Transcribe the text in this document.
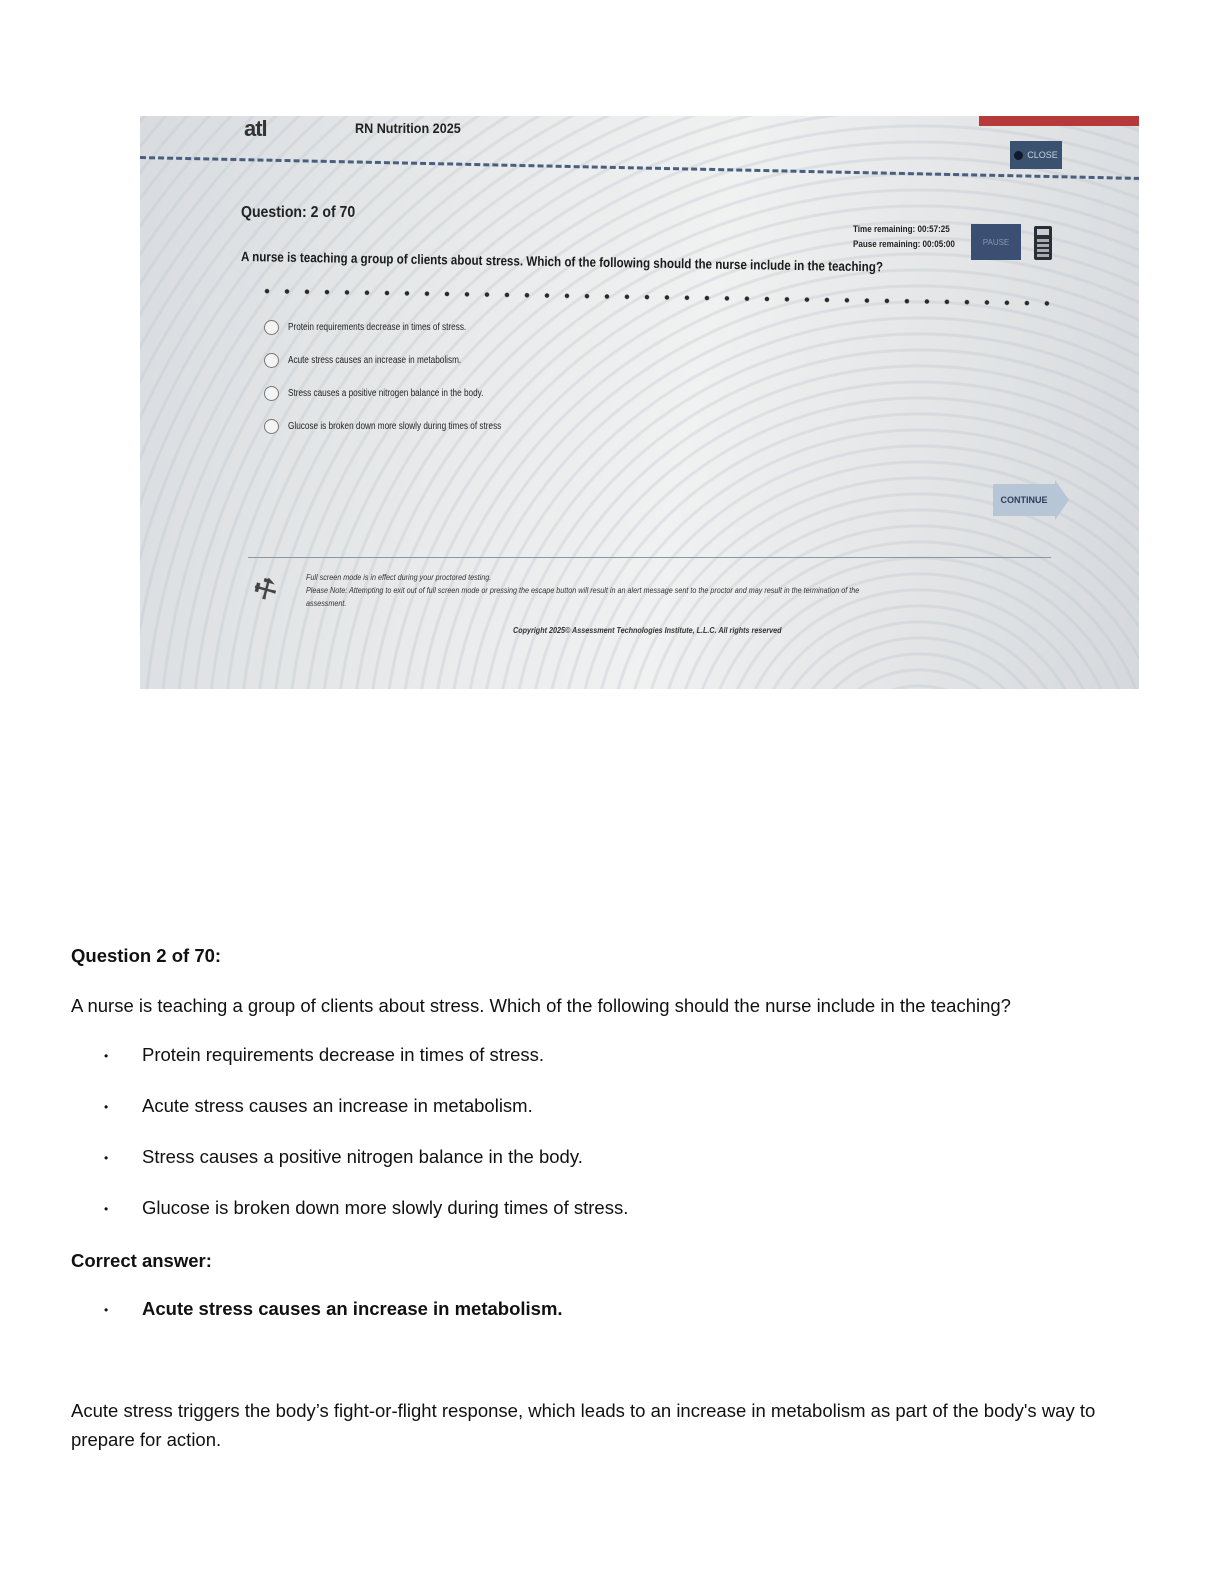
atl	RN Nutrition 2025
CLOSE
Question: 2 of 70
Time remaining: 00:57:25
Pause remaining: 00:05:00	PAUSE
A nurse is teaching a group of clients about stress. Which of the following should the nurse include in the teaching?
Protein requirements decrease in times of stress.
Acute stress causes an increase in metabolism.
Stress causes a positive nitrogen balance in the body.
Glucose is broken down more slowly during times of stress
CONTINUE
⚒	Full screen mode is in effect during your proctored testing.

Please Note: Attempting to exit out of full screen mode or pressing the escape button will result in an alert message sent to the proctor and may result in the termination of the

assessment.

Copyright 2025© Assessment Technologies Institute, L.L.C. All rights reserved
Question 2 of 70:
A nurse is teaching a group of clients about stress. Which of the following should the nurse include in the teaching?
•	Protein requirements decrease in times of stress.
•	Acute stress causes an increase in metabolism.
•	Stress causes a positive nitrogen balance in the body.
•	Glucose is broken down more slowly during times of stress.
Correct answer:
•	Acute stress causes an increase in metabolism.
Acute stress triggers the body’s fight-or-flight response, which leads to an increase in metabolism as part of the body's way to prepare for action.
